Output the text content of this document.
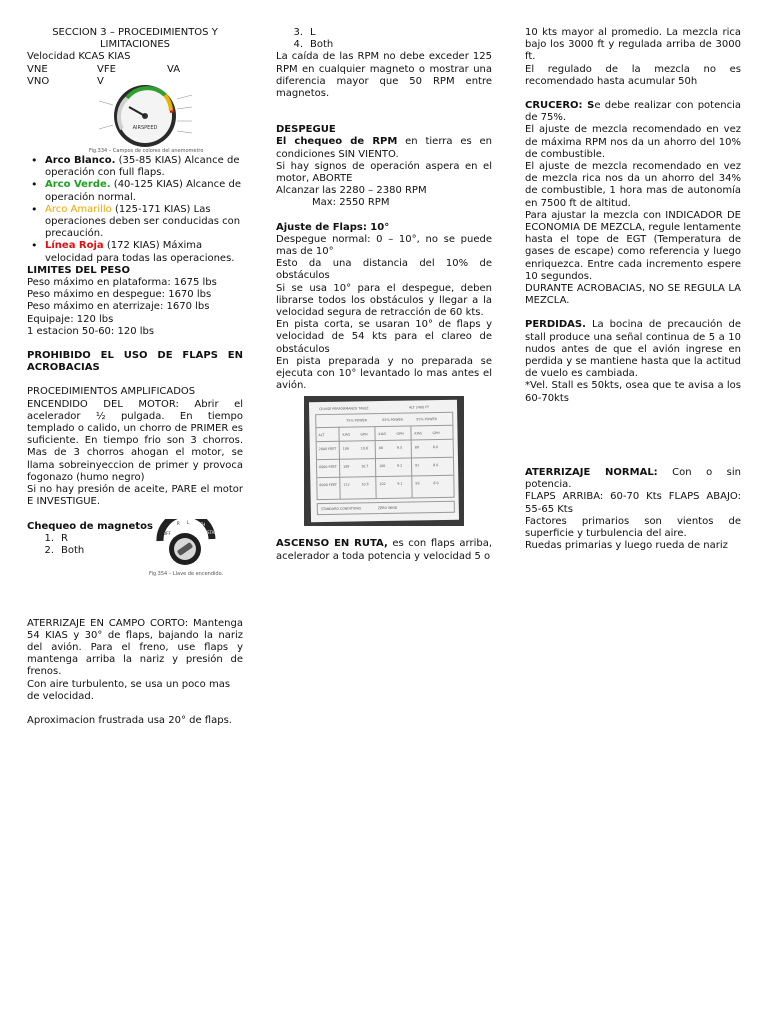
SECCION 3 – PROCEDIMIENTOS Y

LIMITACIONES

Velocidad KCAS KIAS

VNE	VFE	VA
VNO	V
AIRSPEED
Fig.334 – Campos de colores del anemometro
• Arco Blanco. (35-85 KIAS) Alcance de operación con full flaps.
• Arco Verde. (40-125 KIAS) Alcance de operación normal.
• Arco Amarillo (125-171 KIAS) Las operaciones deben ser conducidas con precaución.
• Línea Roja (172 KIAS) Máxima velocidad para todas las operaciones.

LIMITES DEL PESO

Peso máximo en plataforma: 1675 lbs

Peso máximo en despegue: 1670 lbs

Peso máximo en aterrizaje: 1670 lbs

Equipaje: 120 lbs

1 estacion 50-60: 120 lbs

PROHIBIDO EL USO DE FLAPS EN ACROBACIAS

PROCEDIMIENTOS AMPLIFICADOS

ENCENDIDO DEL MOTOR: Abrir el acelerador ½ pulgada. En tiempo templado o calido, un chorro de PRIMER es suficiente. En tiempo frio son 3 chorros. Mas de 3 chorros ahogan el motor, se llama sobreinyeccion de primer y provoca fogonazo (humo negro)

Si no hay presión de aceite, PARE el motor E INVESTIGUE.

Chequeo de magnetos

1. R
2. Both
OFF
R L BOTH
START
Fig.354 – Llave de encendido.

ATERRIZAJE EN CAMPO CORTO: Mantenga 54 KIAS y 30° de flaps, bajando la nariz del avión. Para el freno, use flaps y mantenga arriba la nariz y presión de frenos.

Con aire turbulento, se usa un poco mas de velocidad.

Aproximacion frustrada usa 20° de flaps.

3. L
4. Both

La caída de las RPM no debe exceder 125 RPM en cualquier magneto o mostrar una diferencia mayor que 50 RPM entre magnetos.

DESPEGUE

El chequeo de RPM en tierra es en condiciones SIN VIENTO.

Si hay signos de operación aspera en el motor, ABORTE

Alcanzar las 2280 – 2380 RPM

Max: 2550 RPM

Ajuste de Flaps: 10°

Despegue normal: 0 – 10°, no se puede mas de 10°

Esto da una distancia del 10% de obstáculos

Si se usa 10° para el despegue, deben librarse todos los obstáculos y llegar a la velocidad segura de retracción de 60 kts.

En pista corta, se usaran 10° de flaps y velocidad de 54 kts para el clareo de obstáculos

En pista preparada y no preparada se ejecuta con 10° levantado lo mas antes el avión.

CRUISE PERFORMANCE TABLE	ALT 2400 FT
75% POWER	65% POWER	55% POWER
ALT	KIAS	GPH	KIAS	GPH	KIAS	GPH
2000 FEET 106	10.8	98	9.3	89	8.0
6000 FEET 109	10.7	100	9.2	91	8.0
8000 FEET 112	10.6	102	9.1	93	8.0
STANDARD CONDITIONS	ZERO WIND

ASCENSO EN RUTA, es con flaps arriba, acelerador a toda potencia y velocidad 5 o

10 kts mayor al promedio. La mezcla rica bajo los 3000 ft y regulada arriba de 3000 ft.

El regulado de la mezcla no es recomendado hasta acumular 50h

CRUCERO: Se debe realizar con potencia de 75%.

El ajuste de mezcla recomendado en vez de máxima RPM nos da un ahorro del 10% de combustible.

El ajuste de mezcla recomendado en vez de mezcla rica nos da un ahorro del 34% de combustible, 1 hora mas de autonomía en 7500 ft de altitud.

Para ajustar la mezcla con INDICADOR DE ECONOMIA DE MEZCLA, regule lentamente hasta el tope de EGT (Temperatura de gases de escape) como referencia y luego enriquezca. Entre cada incremento espere 10 segundos.

DURANTE ACROBACIAS, NO SE REGULA LA MEZCLA.

PERDIDAS. La bocina de precaución de stall produce una señal continua de 5 a 10 nudos antes de que el avión ingrese en perdida y se mantiene hasta que la actitud de vuelo es cambiada.

*Vel. Stall es 50kts, osea que te avisa a los 60-70kts

ATERRIZAJE NORMAL: Con o sin potencia.

FLAPS ARRIBA: 60-70 Kts FLAPS ABAJO: 55-65 Kts

Factores primarios son vientos de superficie y turbulencia del aire.

Ruedas primarias y luego rueda de nariz
